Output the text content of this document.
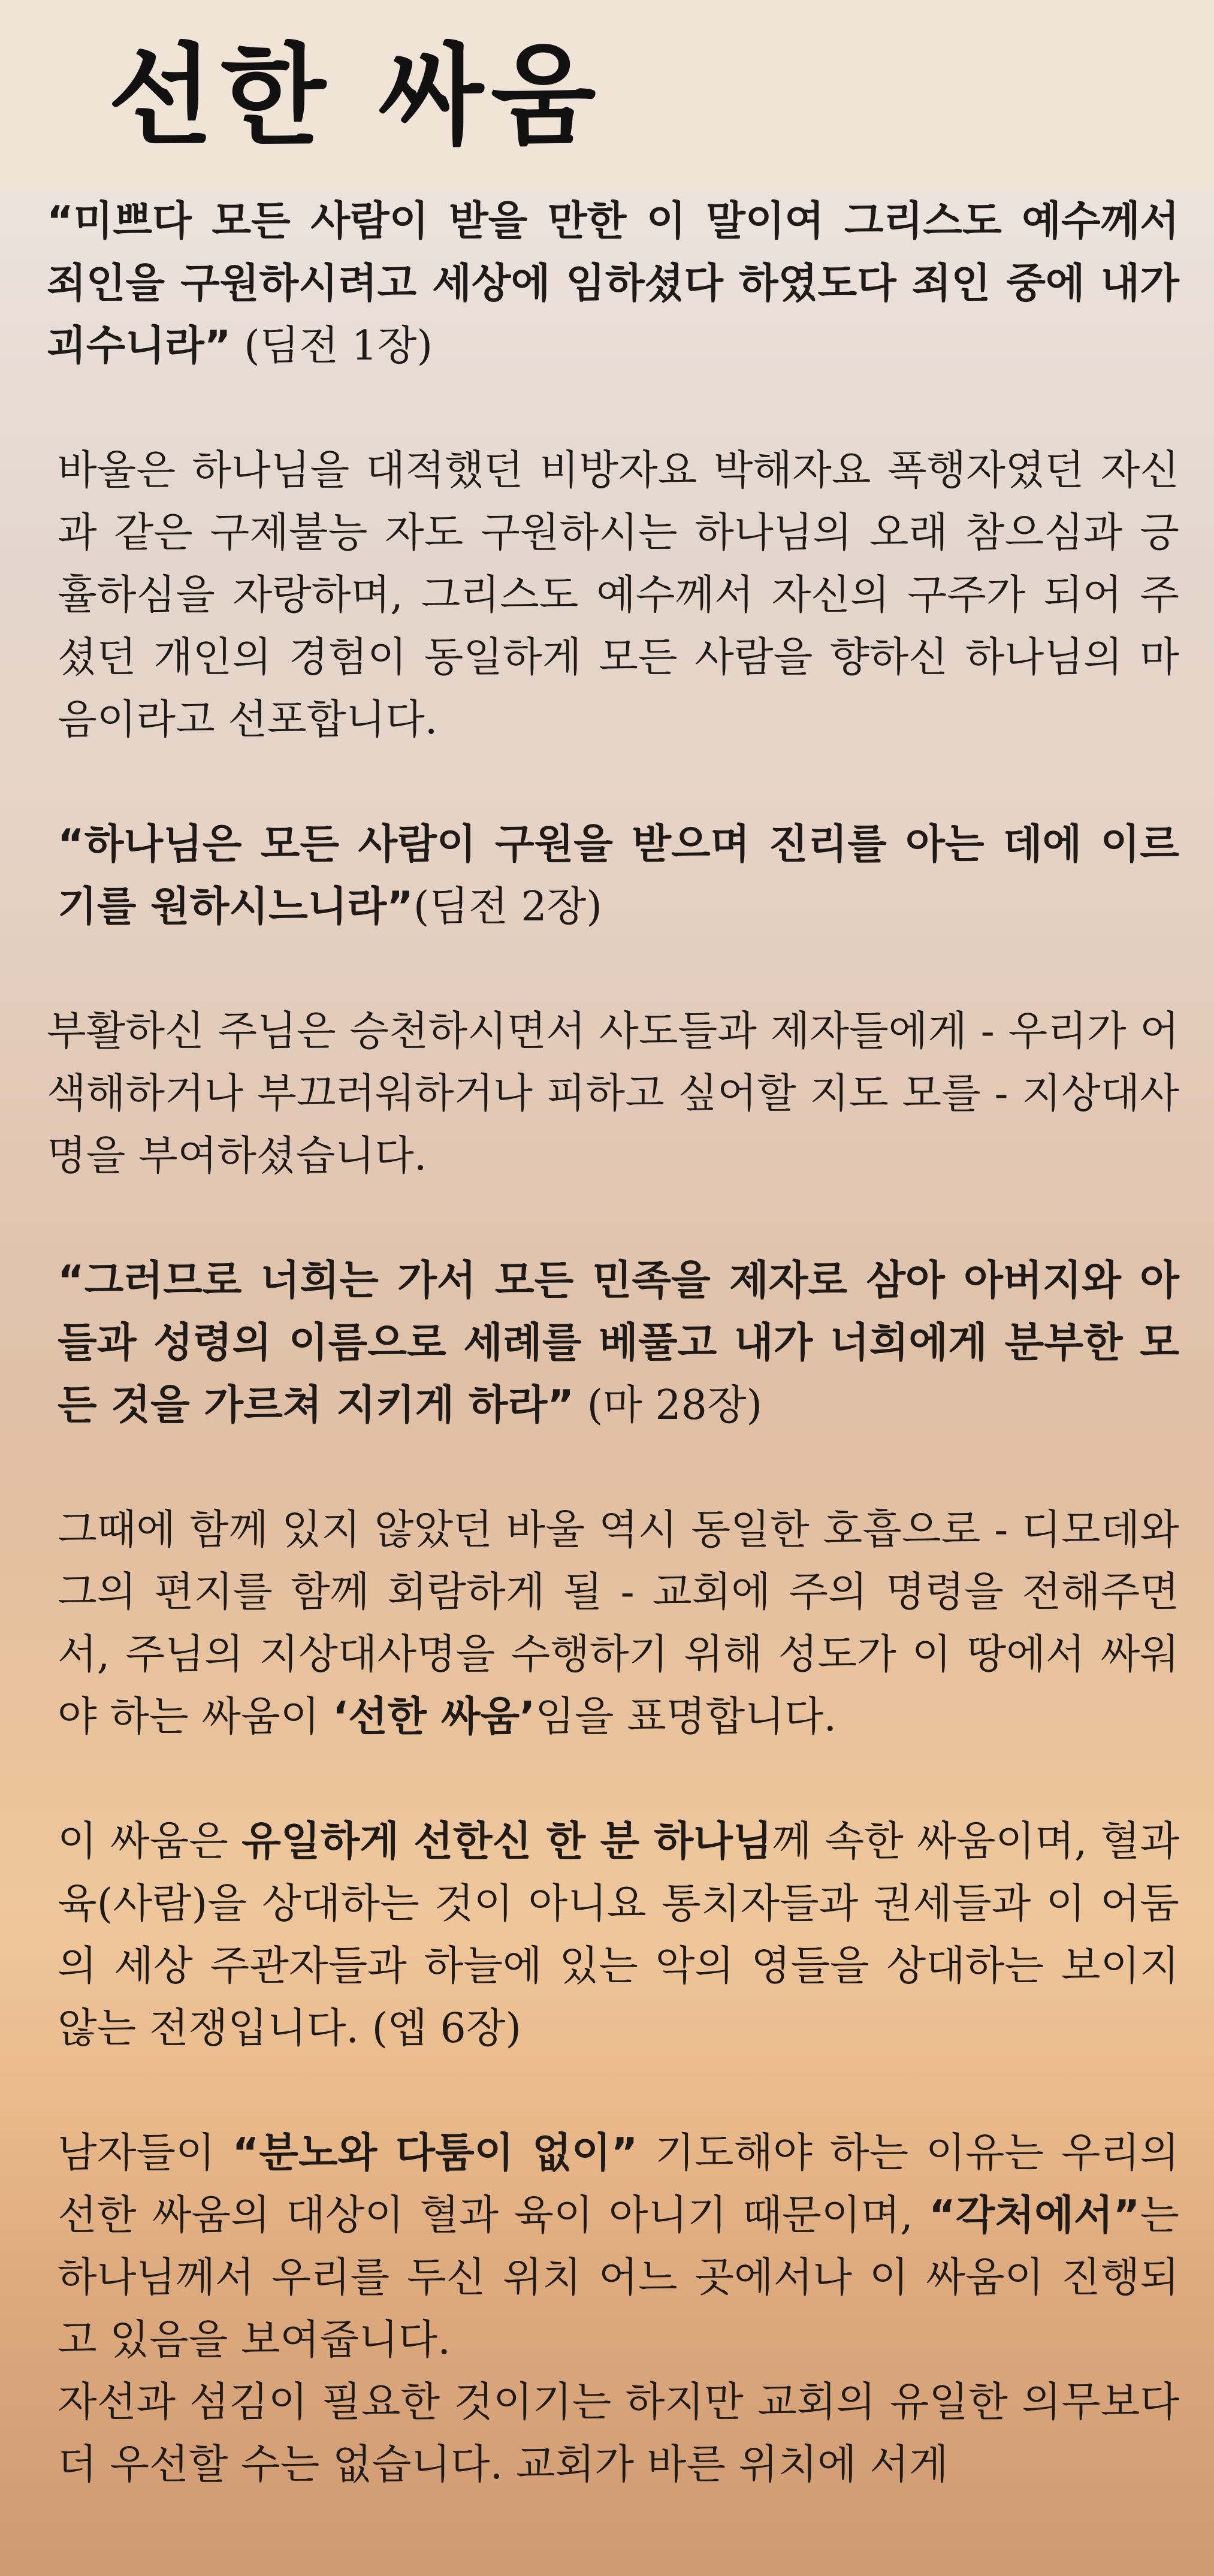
선한 싸움

“미쁘다 모든 사람이 받을 만한 이 말이여 그리스도 예수께서 죄인을 구원하시려고 세상에 임하셨다 하였도다 죄인 중에 내가 괴수니라” (딤전 1장)

바울은 하나님을 대적했던 비방자요 박해자요 폭행자였던 자신과 같은 구제불능 자도 구원하시는 하나님의 오래 참으심과 긍휼하심을 자랑하며, 그리스도 예수께서 자신의 구주가 되어 주셨던 개인의 경험이 동일하게 모든 사람을 향하신 하나님의 마음이라고 선포합니다.

“하나님은 모든 사람이 구원을 받으며 진리를 아는 데에 이르기를 원하시느니라”(딤전 2장)

부활하신 주님은 승천하시면서 사도들과 제자들에게 - 우리가 어색해하거나 부끄러워하거나 피하고 싶어할 지도 모를 - 지상대사명을 부여하셨습니다.

“그러므로 너희는 가서 모든 민족을 제자로 삼아 아버지와 아들과 성령의 이름으로 세례를 베풀고 내가 너희에게 분부한 모든 것을 가르쳐 지키게 하라” (마 28장)

그때에 함께 있지 않았던 바울 역시 동일한 호흡으로 - 디모데와 그의 편지를 함께 회람하게 될 - 교회에 주의 명령을 전해주면서, 주님의 지상대사명을 수행하기 위해 성도가 이 땅에서 싸워야 하는 싸움이 ‘선한 싸움’임을 표명합니다.

이 싸움은 유일하게 선한신 한 분 하나님께 속한 싸움이며, 혈과 육(사람)을 상대하는 것이 아니요 통치자들과 권세들과 이 어둠의 세상 주관자들과 하늘에 있는 악의 영들을 상대하는 보이지 않는 전쟁입니다. (엡 6장)

남자들이 “분노와 다툼이 없이” 기도해야 하는 이유는 우리의 선한 싸움의 대상이 혈과 육이 아니기 때문이며, “각처에서”는 하나님께서 우리를 두신 위치 어느 곳에서나 이 싸움이 진행되고 있음을 보여줍니다.

자선과 섬김이 필요한 것이기는 하지만 교회의 유일한 의무보다 더 우선할 수는 없습니다. 교회가 바른 위치에 서게
